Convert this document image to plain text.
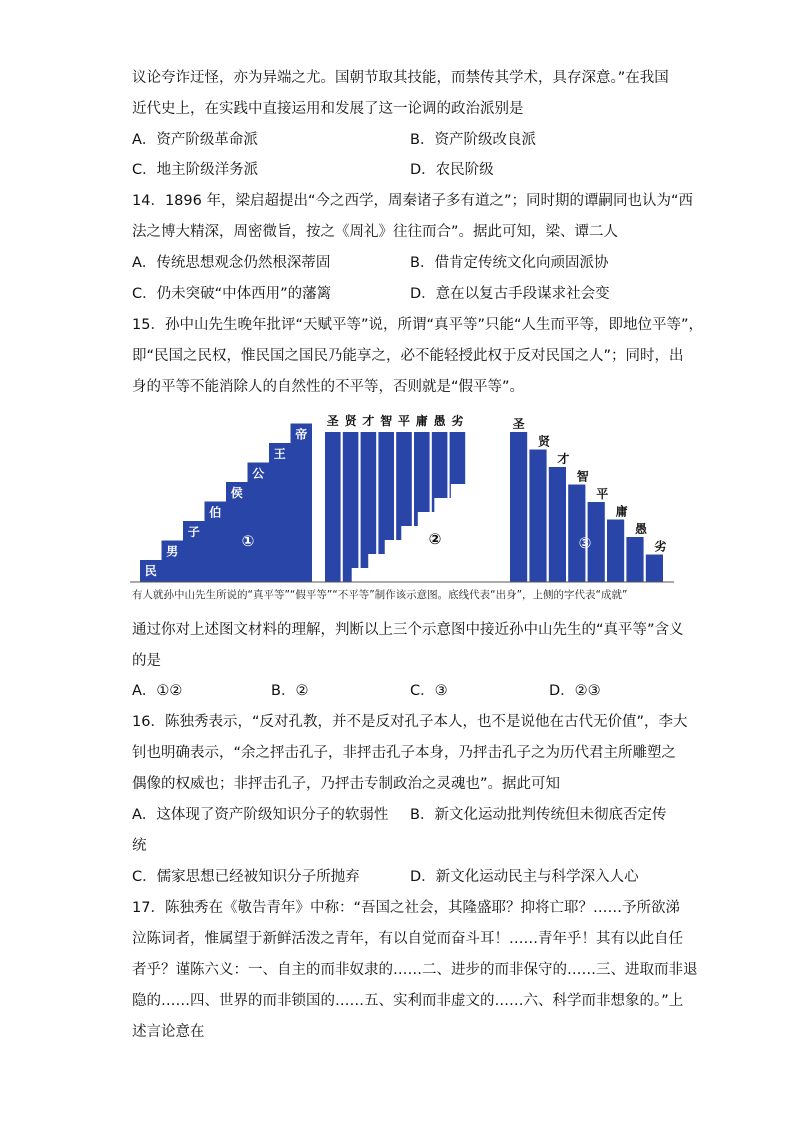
议论夸诈迂怪，亦为异端之尤。国朝节取其技能，而禁传其学术，具存深意。”在我国
近代史上，在实践中直接运用和发展了这一论调的政治派别是
A．资产阶级革命派	B．资产阶级改良派
C．地主阶级洋务派	D．农民阶级
14．1896 年，梁启超提出“今之西学，周秦诸子多有道之”；同时期的谭嗣同也认为“西
法之博大精深，周密微旨，按之《周礼》往往而合”。据此可知，梁、谭二人
A．传统思想观念仍然根深蒂固	B．借肯定传统文化向顽固派协
C．仍未突破“中体西用”的藩篱	D．意在以复古手段谋求社会变
15．孙中山先生晚年批评“天赋平等”说，所谓“真平等”只能“人生而平等，即地位平等”，
即“民国之民权，惟民国之国民乃能享之，必不能轻授此权于反对民国之人”；同时，出
身的平等不能消除人的自然性的不平等，否则就是“假平等”。
民
男
子
伯
侯
公
王
帝
①
圣 贤 才 智 平 庸 愚 劣
②
圣
贤
才
智
平
庸
愚
劣
③
有人就孙中山先生所说的“真平等”“假平等”“不平等”制作该示意图。底线代表“出身”，上侧的字代表“成就”
通过你对上述图文材料的理解，判断以上三个示意图中接近孙中山先生的“真平等”含义
的是
A．①②	B．②	C．③	D．②③
16．陈独秀表示，“反对孔教，并不是反对孔子本人，也不是说他在古代无价值”，李大
钊也明确表示，“余之抨击孔子，非抨击孔子本身，乃抨击孔子之为历代君主所雕塑之
偶像的权威也；非抨击孔子，乃抨击专制政治之灵魂也”。据此可知
A．这体现了资产阶级知识分子的软弱性 B．新文化运动批判传统但未彻底否定传
统
C．儒家思想已经被知识分子所抛弃	D．新文化运动民主与科学深入人心
17．陈独秀在《敬告青年》中称：“吾国之社会，其隆盛耶？抑将亡耶？……予所欲涕
泣陈词者，惟属望于新鲜活泼之青年，有以自觉而奋斗耳！……青年乎！其有以此自任
者乎？谨陈六义：一、自主的而非奴隶的……二、进步的而非保守的……三、进取而非退
隐的……四、世界的而非锁国的……五、实利而非虚文的……六、科学而非想象的。”上
述言论意在
